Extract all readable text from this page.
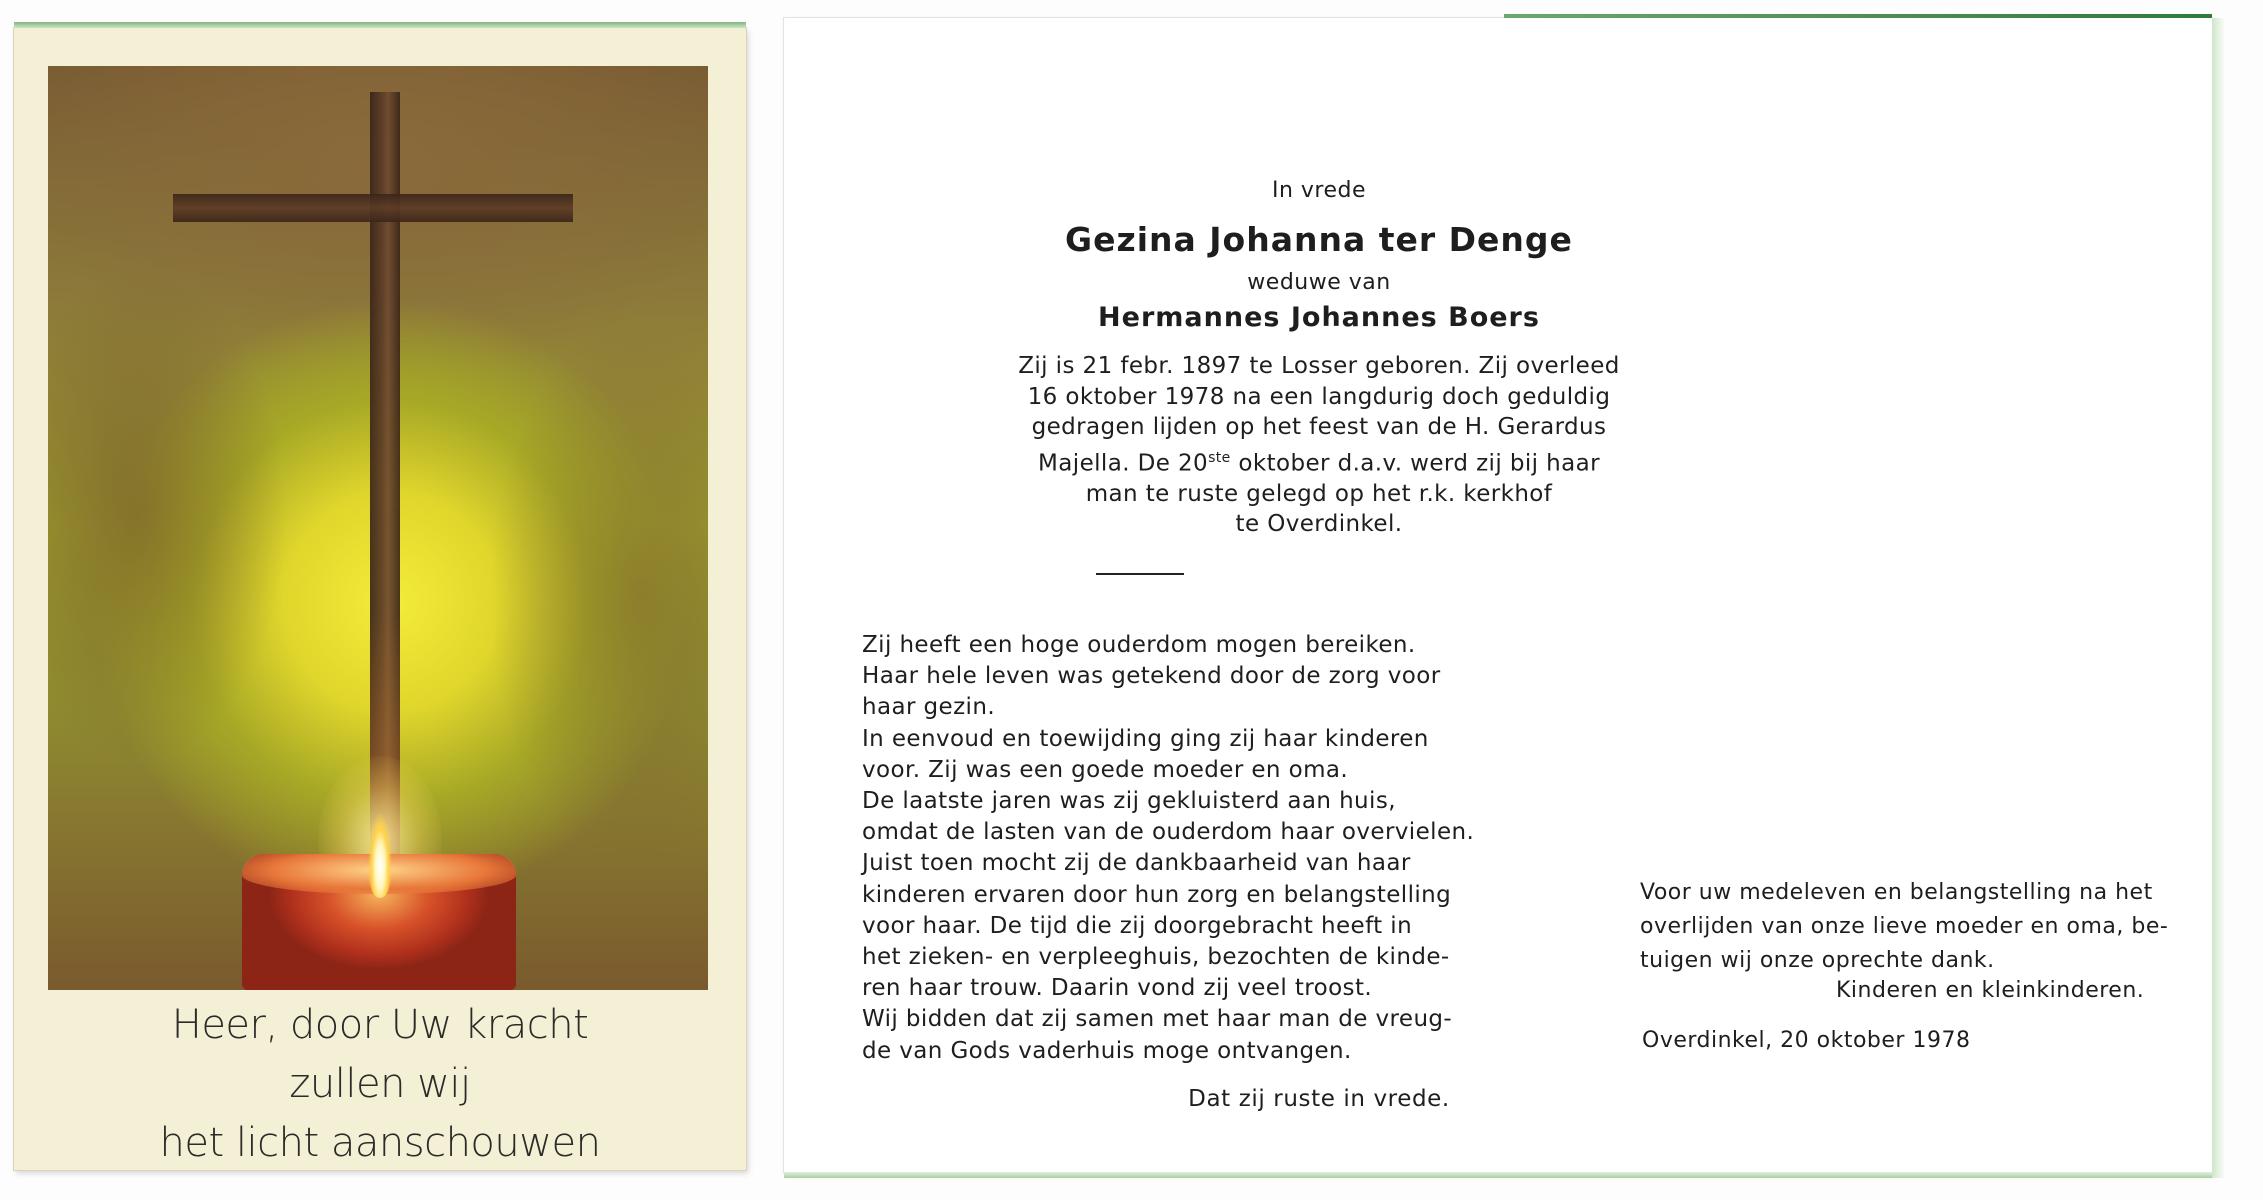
Heer, door Uw kracht
zullen wij
het licht aanschouwen
In vrede
Gezina Johanna ter Denge
weduwe van
Hermannes Johannes Boers
Zij is 21 febr. 1897 te Losser geboren. Zij overleed
16 oktober 1978 na een langdurig doch geduldig
gedragen lijden op het feest van de H. Gerardus
Majella. De 20ste oktober d.a.v. werd zij bij haar
man te ruste gelegd op het r.k. kerkhof
te Overdinkel.
Zij heeft een hoge ouderdom mogen bereiken.
Haar hele leven was getekend door de zorg voor
haar gezin.
In eenvoud en toewijding ging zij haar kinderen
voor. Zij was een goede moeder en oma.
De laatste jaren was zij gekluisterd aan huis,
omdat de lasten van de ouderdom haar overvielen.
Juist toen mocht zij de dankbaarheid van haar
kinderen ervaren door hun zorg en belangstelling
voor haar. De tijd die zij doorgebracht heeft in
het zieken- en verpleeghuis, bezochten de kinde-
ren haar trouw. Daarin vond zij veel troost.
Wij bidden dat zij samen met haar man de vreug-
de van Gods vaderhuis moge ontvangen.
Dat zij ruste in vrede.
Voor uw medeleven en belangstelling na het
overlijden van onze lieve moeder en oma, be-
tuigen wij onze oprechte dank.
Kinderen en kleinkinderen.
Overdinkel, 20 oktober 1978
